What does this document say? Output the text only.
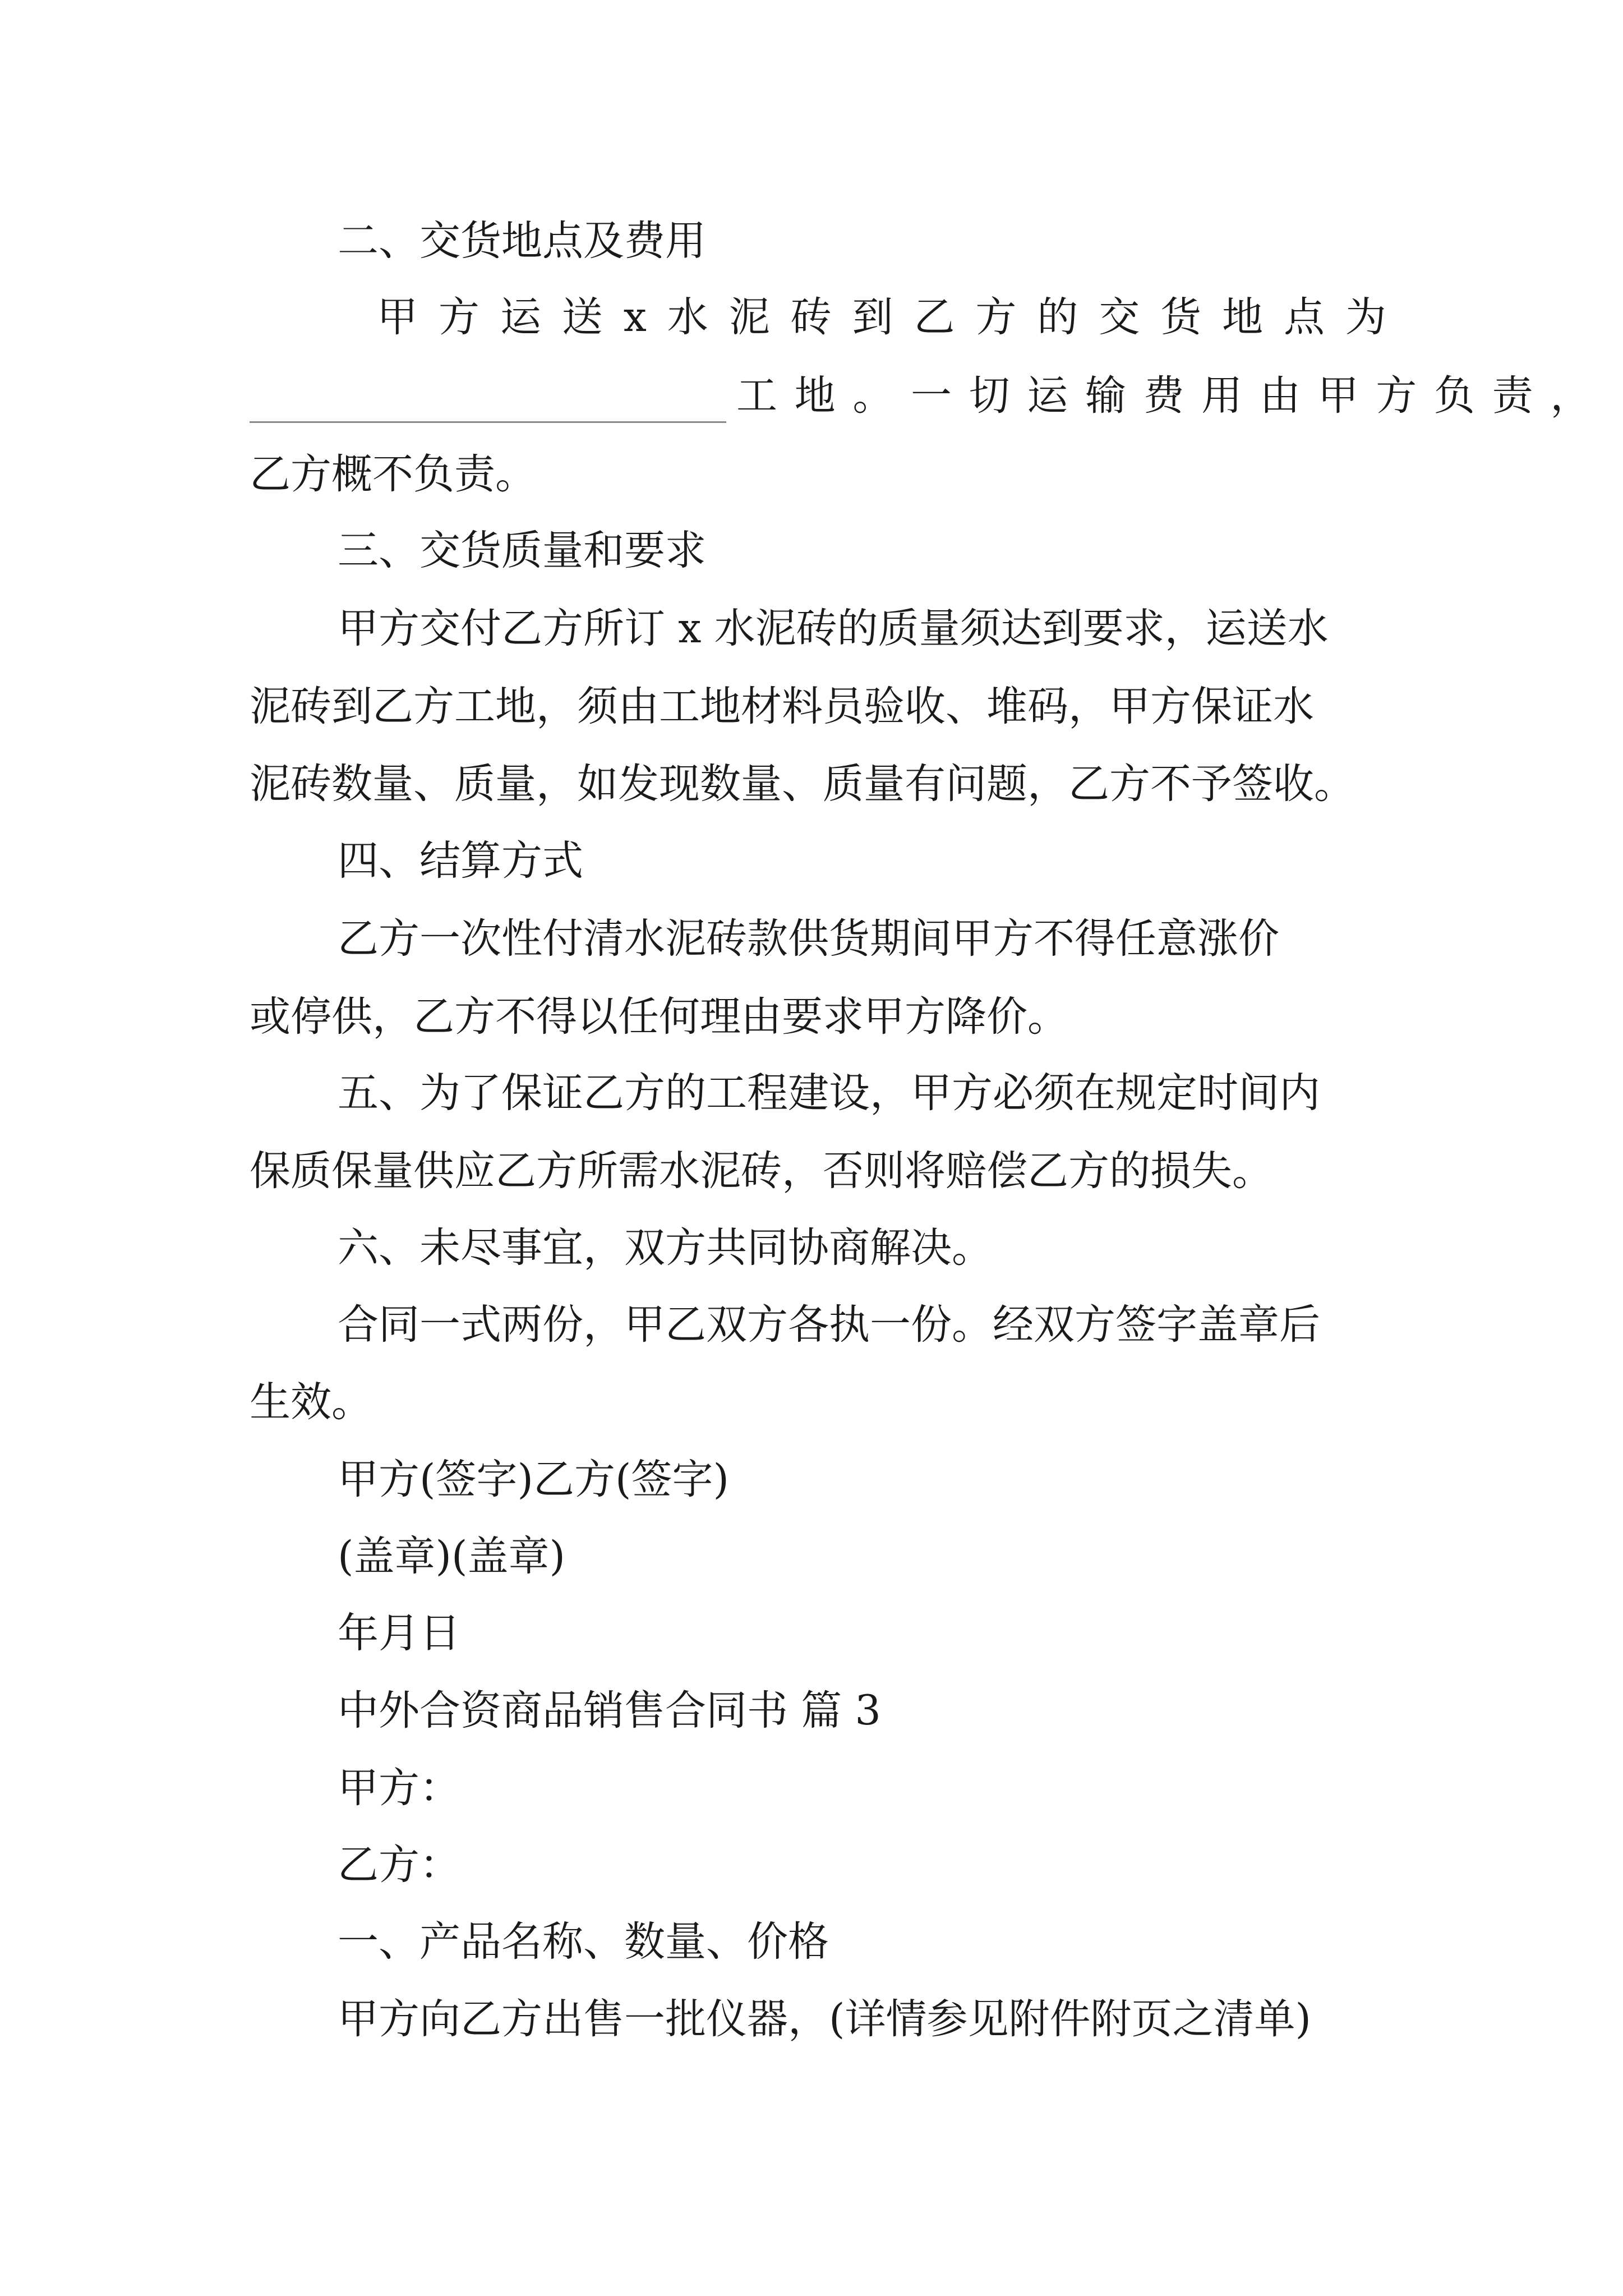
二、交货地点及费用
甲 方 运 送 x 水 泥 砖 到 乙 方 的 交 货 地 点 为
工地。一切运输费用由甲方负责，
乙方概不负责。
三、交货质量和要求
甲方交付乙方所订 x 水泥砖的质量须达到要求，运送水
泥砖到乙方工地，须由工地材料员验收、堆码，甲方保证水
泥砖数量、质量，如发现数量、质量有问题，乙方不予签收。
四、结算方式
乙方一次性付清水泥砖款供货期间甲方不得任意涨价
或停供，乙方不得以任何理由要求甲方降价。
五、为了保证乙方的工程建设，甲方必须在规定时间内
保质保量供应乙方所需水泥砖，否则将赔偿乙方的损失。
六、未尽事宜，双方共同协商解决。
合同一式两份，甲乙双方各执一份。经双方签字盖章后
生效。
甲方(签字)乙方(签字)
(盖章)(盖章)
年月日
中外合资商品销售合同书 篇 3
甲方：
乙方：
一、产品名称、数量、价格
甲方向乙方出售一批仪器，(详情参见附件附页之清单)
